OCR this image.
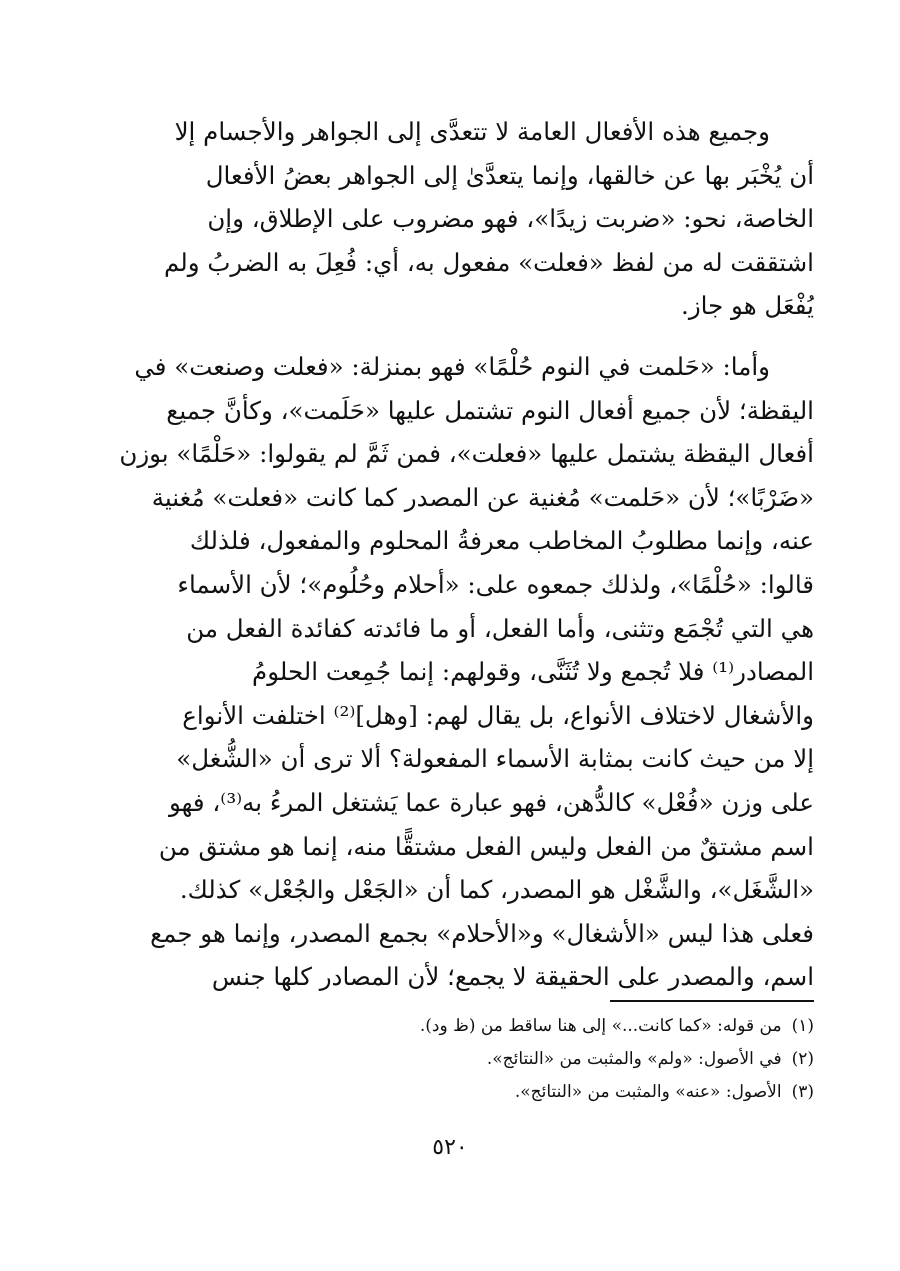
وجميع هذه الأفعال العامة لا تتعدَّى إلى الجواهر والأجسام إلا
أن يُخْبَر بها عن خالقها، وإنما يتعدَّىٰ إلى الجواهر بعضُ الأفعال
الخاصة، نحو: «ضربت زيدًا»، فهو مضروب على الإطلاق، وإن
اشتققت له من لفظ «فعلت» مفعول به، أي: فُعِلَ به الضربُ ولم
يُفْعَل هو جاز.
وأما: «حَلمت في النوم حُلْمًا» فهو بمنزلة: «فعلت وصنعت» في
اليقظة؛ لأن جميع أفعال النوم تشتمل عليها «حَلَمت»، وكأنَّ جميع
أفعال اليقظة يشتمل عليها «فعلت»، فمن ثَمَّ لم يقولوا: «حَلْمًا» بوزن
«ضَرْبًا»؛ لأن «حَلمت» مُغنية عن المصدر كما كانت «فعلت» مُغنية
عنه، وإنما مطلوبُ المخاطب معرفةُ المحلوم والمفعول، فلذلك
قالوا: «حُلْمًا»، ولذلك جمعوه على: «أحلام وحُلُوم»؛ لأن الأسماء
هي التي تُجْمَع وتثنى، وأما الفعل، أو ما فائدته كفائدة الفعل من
المصادر⁽¹⁾ فلا تُجمع ولا تُثَنَّى، وقولهم: إنما جُمِعت الحلومُ
والأشغال لاختلاف الأنواع، بل يقال لهم: [وهل]⁽²⁾ اختلفت الأنواع
إلا من حيث كانت بمثابة الأسماء المفعولة؟ ألا ترى أن «الشُّغل»
على وزن «فُعْل» كالدُّهن، فهو عبارة عما يَشتغل المرءُ به⁽³⁾، فهو
اسم مشتقٌ من الفعل وليس الفعل مشتقًّا منه، إنما هو مشتق من
«الشَّغَل»، والشَّغْل هو المصدر، كما أن «الجَعْل والجُعْل» كذلك.
فعلى هذا ليس «الأشغال» و«الأحلام» بجمع المصدر، وإنما هو جمع
اسم، والمصدر على الحقيقة لا يجمع؛ لأن المصادر كلها جنس
(١)من قوله: «كما كانت...» إلى هنا ساقط من (ظ ود).
(٢)في الأصول: «ولم» والمثبت من «النتائج».
(٣)الأصول: «عنه» والمثبت من «النتائج».
٥٢٠
